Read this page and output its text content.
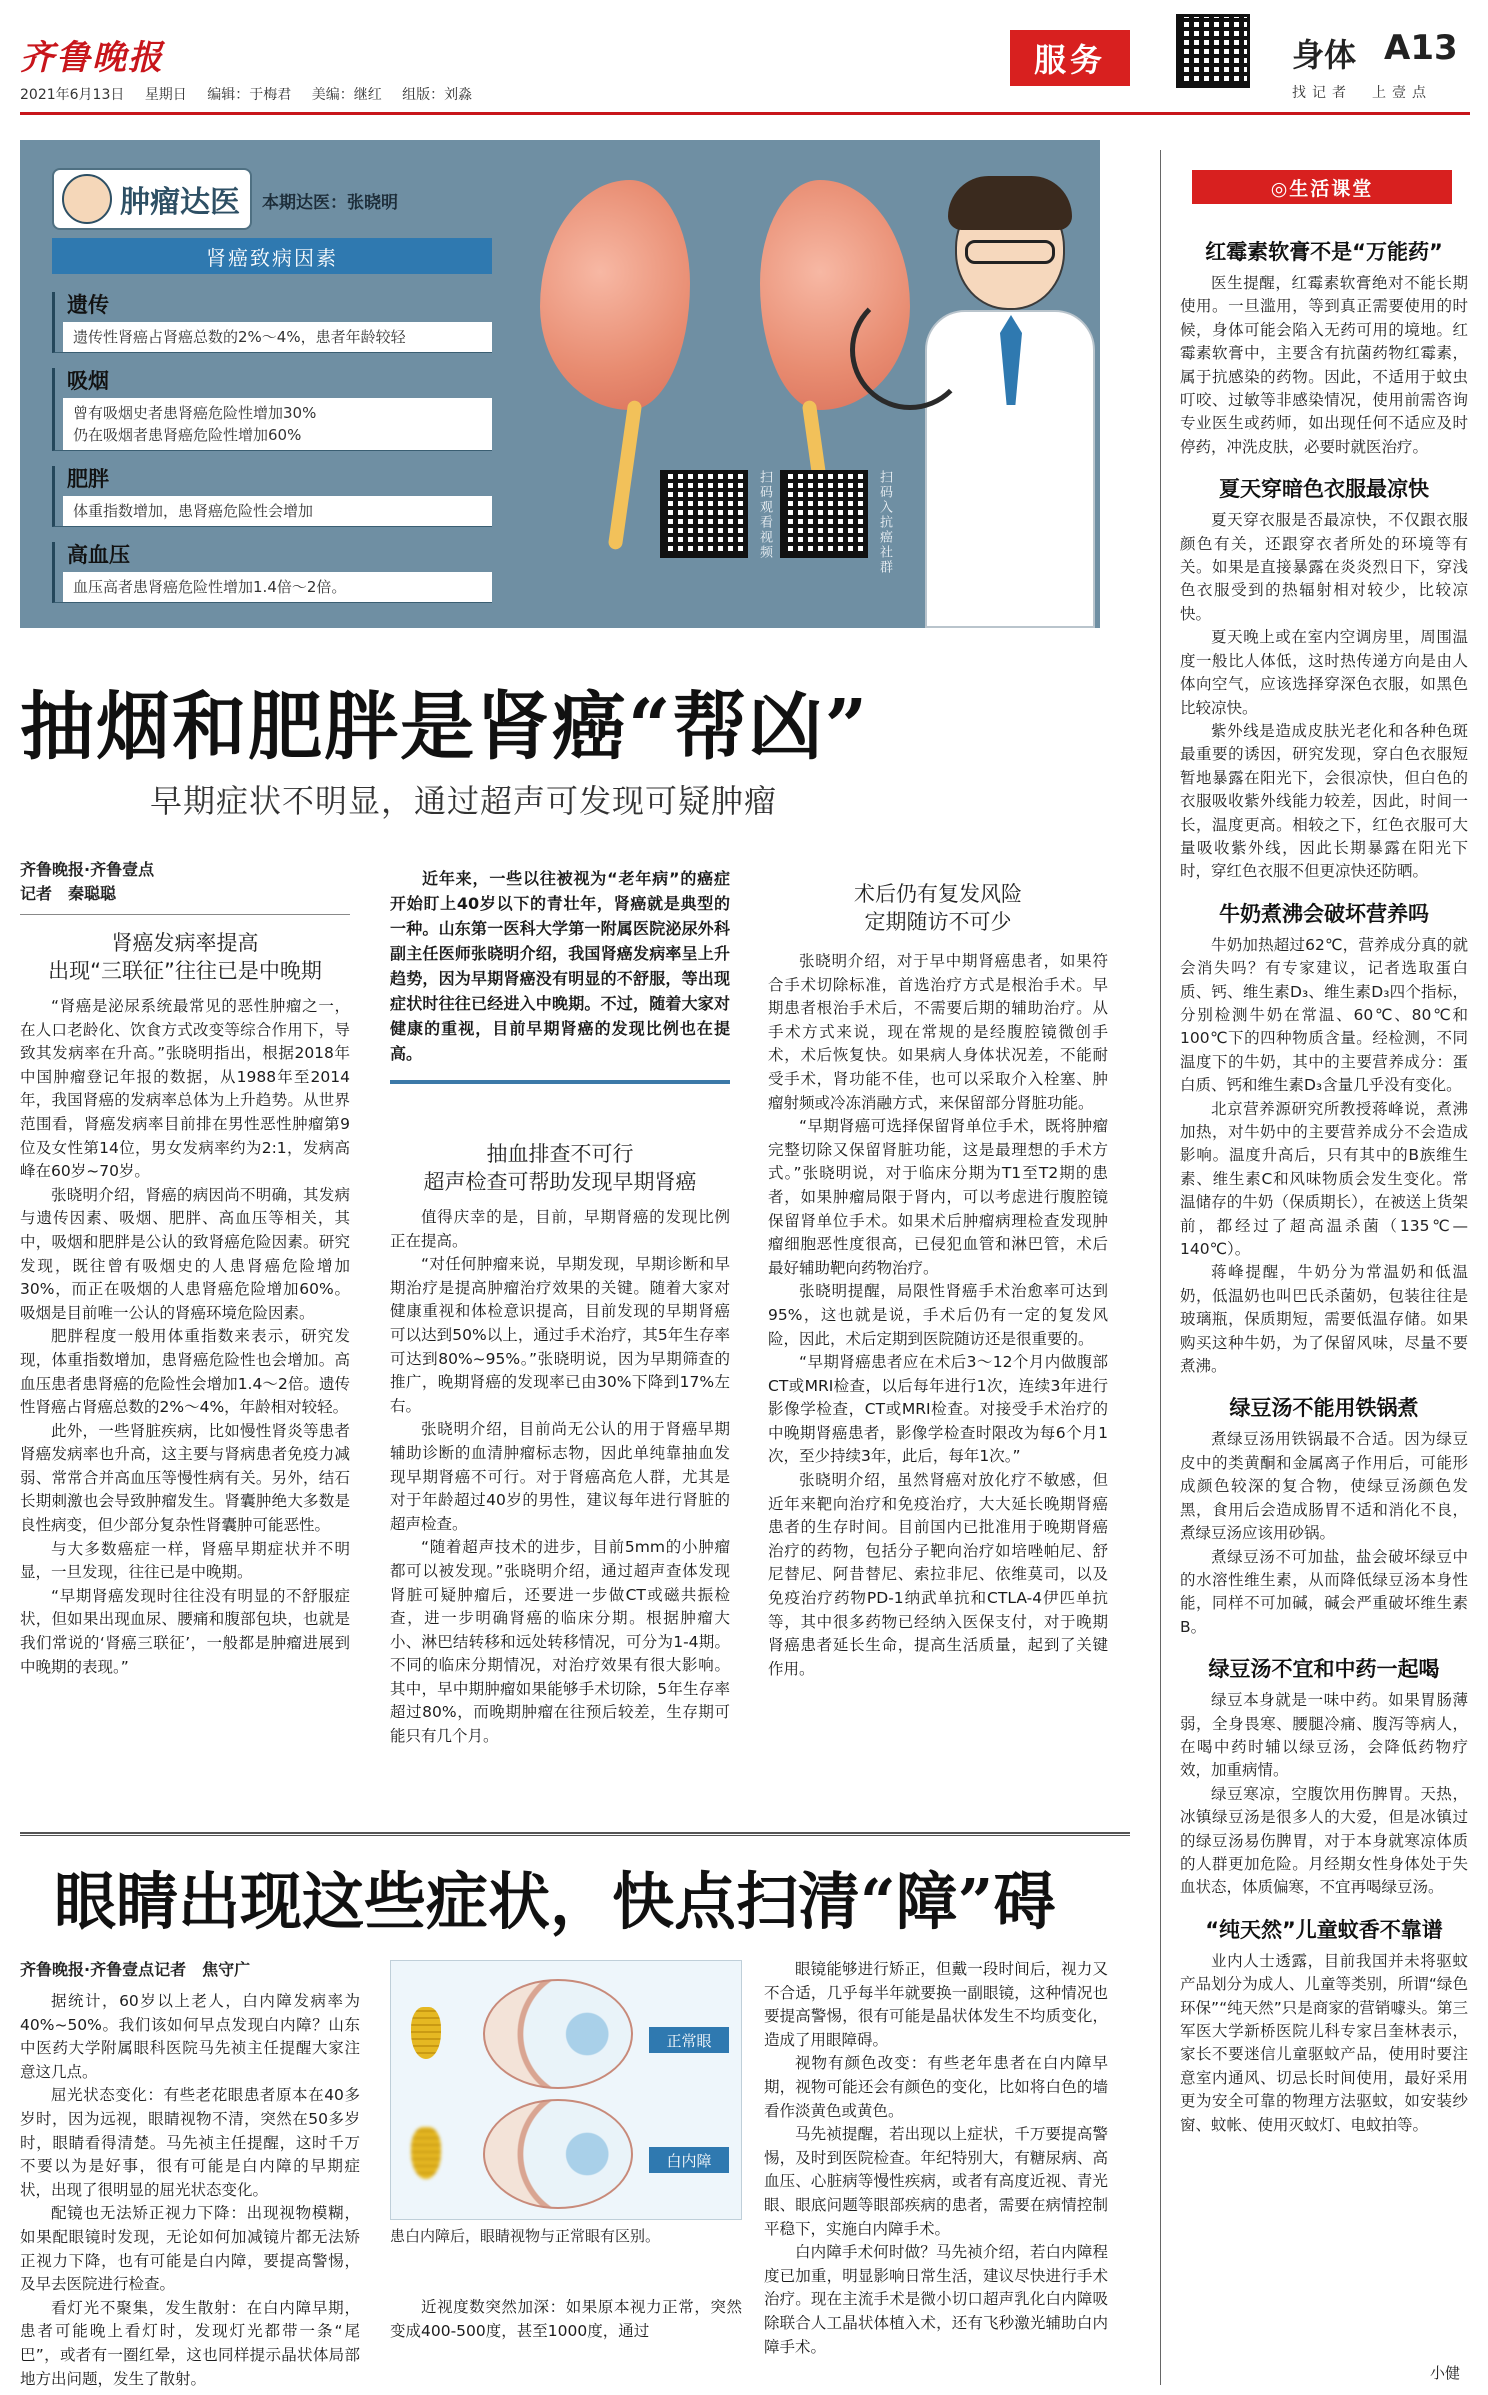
齐鲁晚报
2021年6月13日 星期日 编辑：于梅君 美编：继红 组版：刘淼
服务	身体 A13
找记者　上壹点
肿瘤达医 本期达医：张晓明
肾癌致病因素
遗传
遗传性肾癌占肾癌总数的2%～4%，患者年龄较轻
吸烟
曾有吸烟史者患肾癌危险性增加30%
仍在吸烟者患肾癌危险性增加60%
肥胖
体重指数增加，患肾癌危险性会增加
高血压
血压高者患肾癌危险性增加1.4倍～2倍。
扫码观看视频	扫码入抗癌社群
抽烟和肥胖是肾癌“帮凶”
早期症状不明显，通过超声可发现可疑肿瘤
齐鲁晚报·齐鲁壹点
记者　秦聪聪
肾癌发病率提高
出现“三联征”往往已是中晚期

“肾癌是泌尿系统最常见的恶性肿瘤之一，在人口老龄化、饮食方式改变等综合作用下，导致其发病率在升高。”张晓明指出，根据2018年中国肿瘤登记年报的数据，从1988年至2014年，我国肾癌的发病率总体为上升趋势。从世界范围看，肾癌发病率目前排在男性恶性肿瘤第9位及女性第14位，男女发病率约为2:1，发病高峰在60岁~70岁。

张晓明介绍，肾癌的病因尚不明确，其发病与遗传因素、吸烟、肥胖、高血压等相关，其中，吸烟和肥胖是公认的致肾癌危险因素。研究发现，既往曾有吸烟史的人患肾癌危险增加30%，而正在吸烟的人患肾癌危险增加60%。吸烟是目前唯一公认的肾癌环境危险因素。

肥胖程度一般用体重指数来表示，研究发现，体重指数增加，患肾癌危险性也会增加。高血压患者患肾癌的危险性会增加1.4～2倍。遗传性肾癌占肾癌总数的2%～4%，年龄相对较轻。

此外，一些肾脏疾病，比如慢性肾炎等患者肾癌发病率也升高，这主要与肾病患者免疫力减弱、常常合并高血压等慢性病有关。另外，结石长期刺激也会导致肿瘤发生。肾囊肿绝大多数是良性病变，但少部分复杂性肾囊肿可能恶性。

与大多数癌症一样，肾癌早期症状并不明显，一旦发现，往往已是中晚期。

“早期肾癌发现时往往没有明显的不舒服症状，但如果出现血尿、腰痛和腹部包块，也就是我们常说的‘肾癌三联征’，一般都是肿瘤进展到中晚期的表现。”

近年来，一些以往被视为“老年病”的癌症开始盯上40岁以下的青壮年，肾癌就是典型的一种。山东第一医科大学第一附属医院泌尿外科副主任医师张晓明介绍，我国肾癌发病率呈上升趋势，因为早期肾癌没有明显的不舒服，等出现症状时往往已经进入中晚期。不过，随着大家对健康的重视，目前早期肾癌的发现比例也在提高。

抽血排查不可行
超声检查可帮助发现早期肾癌

值得庆幸的是，目前，早期肾癌的发现比例正在提高。

“对任何肿瘤来说，早期发现，早期诊断和早期治疗是提高肿瘤治疗效果的关键。随着大家对健康重视和体检意识提高，目前发现的早期肾癌可以达到50%以上，通过手术治疗，其5年生存率可达到80%~95%。”张晓明说，因为早期筛查的推广，晚期肾癌的发现率已由30%下降到17%左右。

张晓明介绍，目前尚无公认的用于肾癌早期辅助诊断的血清肿瘤标志物，因此单纯靠抽血发现早期肾癌不可行。对于肾癌高危人群，尤其是对于年龄超过40岁的男性，建议每年进行肾脏的超声检查。

“随着超声技术的进步，目前5mm的小肿瘤都可以被发现。”张晓明介绍，通过超声查体发现肾脏可疑肿瘤后，还要进一步做CT或磁共振检查，进一步明确肾癌的临床分期。根据肿瘤大小、淋巴结转移和远处转移情况，可分为1-4期。不同的临床分期情况，对治疗效果有很大影响。其中，早中期肿瘤如果能够手术切除，5年生存率超过80%，而晚期肿瘤在往预后较差，生存期可能只有几个月。

术后仍有复发风险
定期随访不可少

张晓明介绍，对于早中期肾癌患者，如果符合手术切除标准，首选治疗方式是根治手术。早期患者根治手术后，不需要后期的辅助治疗。从手术方式来说，现在常规的是经腹腔镜微创手术，术后恢复快。如果病人身体状况差，不能耐受手术，肾功能不佳，也可以采取介入栓塞、肿瘤射频或冷冻消融方式，来保留部分肾脏功能。

“早期肾癌可选择保留肾单位手术，既将肿瘤完整切除又保留肾脏功能，这是最理想的手术方式。”张晓明说，对于临床分期为T1至T2期的患者，如果肿瘤局限于肾内，可以考虑进行腹腔镜保留肾单位手术。如果术后肿瘤病理检查发现肿瘤细胞恶性度很高，已侵犯血管和淋巴管，术后最好辅助靶向药物治疗。

张晓明提醒，局限性肾癌手术治愈率可达到95%，这也就是说，手术后仍有一定的复发风险，因此，术后定期到医院随访还是很重要的。

“早期肾癌患者应在术后3～12个月内做腹部CT或MRI检查，以后每年进行1次，连续3年进行影像学检查，CT或MRI检查。对接受手术治疗的中晚期肾癌患者，影像学检查时限改为每6个月1次，至少持续3年，此后，每年1次。”

张晓明介绍，虽然肾癌对放化疗不敏感，但近年来靶向治疗和免疫治疗，大大延长晚期肾癌患者的生存时间。目前国内已批准用于晚期肾癌治疗的药物，包括分子靶向治疗如培唑帕尼、舒尼替尼、阿昔替尼、索拉非尼、依维莫司，以及免疫治疗药物PD-1纳武单抗和CTLA-4伊匹单抗等，其中很多药物已经纳入医保支付，对于晚期肾癌患者延长生命，提高生活质量，起到了关键作用。

眼睛出现这些症状，快点扫清“障”碍
齐鲁晚报·齐鲁壹点记者　焦守广

据统计，60岁以上老人，白内障发病率为40%~50%。我们该如何早点发现白内障？山东中医药大学附属眼科医院马先祯主任提醒大家注意这几点。

屈光状态变化：有些老花眼患者原本在40多岁时，因为远视，眼睛视物不清，突然在50多岁时，眼睛看得清楚。马先祯主任提醒，这时千万不要以为是好事，很有可能是白内障的早期症状，出现了很明显的屈光状态变化。

配镜也无法矫正视力下降：出现视物模糊，如果配眼镜时发现，无论如何加减镜片都无法矫正视力下降，也有可能是白内障，要提高警惕，及早去医院进行检查。

看灯光不聚集，发生散射：在白内障早期，患者可能晚上看灯时，发现灯光都带一条“尾巴”，或者有一圈红晕，这也同样提示晶状体局部地方出问题，发生了散射。

正常眼
白内障
患白内障后，眼睛视物与正常眼有区别。

近视度数突然加深：如果原本视力正常，突然变成400-500度，甚至1000度，通过

眼镜能够进行矫正，但戴一段时间后，视力又不合适，几乎每半年就要换一副眼镜，这种情况也要提高警惕，很有可能是晶状体发生不均质变化，造成了用眼障碍。

视物有颜色改变：有些老年患者在白内障早期，视物可能还会有颜色的变化，比如将白色的墙看作淡黄色或黄色。

马先祯提醒，若出现以上症状，千万要提高警惕，及时到医院检查。年纪特别大，有糖尿病、高血压、心脏病等慢性疾病，或者有高度近视、青光眼、眼底问题等眼部疾病的患者，需要在病情控制平稳下，实施白内障手术。

白内障手术何时做？马先祯介绍，若白内障程度已加重，明显影响日常生活，建议尽快进行手术治疗。现在主流手术是微小切口超声乳化白内障吸除联合人工晶状体植入术，还有飞秒激光辅助白内障手术。

◎生活课堂
红霉素软膏不是“万能药”

医生提醒，红霉素软膏绝对不能长期使用。一旦滥用，等到真正需要使用的时候，身体可能会陷入无药可用的境地。红霉素软膏中，主要含有抗菌药物红霉素，属于抗感染的药物。因此，不适用于蚊虫叮咬、过敏等非感染情况，使用前需咨询专业医生或药师，如出现任何不适应及时停药，冲洗皮肤，必要时就医治疗。

夏天穿暗色衣服最凉快

夏天穿衣服是否最凉快，不仅跟衣服颜色有关，还跟穿衣者所处的环境等有关。如果是直接暴露在炎炎烈日下，穿浅色衣服受到的热辐射相对较少，比较凉快。

夏天晚上或在室内空调房里，周围温度一般比人体低，这时热传递方向是由人体向空气，应该选择穿深色衣服，如黑色比较凉快。

紫外线是造成皮肤光老化和各种色斑最重要的诱因，研究发现，穿白色衣服短暂地暴露在阳光下，会很凉快，但白色的衣服吸收紫外线能力较差，因此，时间一长，温度更高。相较之下，红色衣服可大量吸收紫外线，因此长期暴露在阳光下时，穿红色衣服不但更凉快还防晒。

牛奶煮沸会破坏营养吗

牛奶加热超过62℃，营养成分真的就会消失吗？有专家建议，记者选取蛋白质、钙、维生素D₃、维生素D₃四个指标，分别检测牛奶在常温、60℃、80℃和100℃下的四种物质含量。经检测，不同温度下的牛奶，其中的主要营养成分：蛋白质、钙和维生素D₃含量几乎没有变化。

北京营养源研究所教授蒋峰说，煮沸加热，对牛奶中的主要营养成分不会造成影响。温度升高后，只有其中的B族维生素、维生素C和风味物质会发生变化。常温储存的牛奶（保质期长），在被送上货架前，都经过了超高温杀菌（135℃—140℃）。

蒋峰提醒，牛奶分为常温奶和低温奶，低温奶也叫巴氏杀菌奶，包装往往是玻璃瓶，保质期短，需要低温存储。如果购买这种牛奶，为了保留风味，尽量不要煮沸。

绿豆汤不能用铁锅煮

煮绿豆汤用铁锅最不合适。因为绿豆皮中的类黄酮和金属离子作用后，可能形成颜色较深的复合物，使绿豆汤颜色发黑，食用后会造成肠胃不适和消化不良，煮绿豆汤应该用砂锅。

煮绿豆汤不可加盐，盐会破坏绿豆中的水溶性维生素，从而降低绿豆汤本身性能，同样不可加碱，碱会严重破坏维生素B。

绿豆汤不宜和中药一起喝

绿豆本身就是一味中药。如果胃肠薄弱，全身畏寒、腰腿冷痛、腹泻等病人，在喝中药时辅以绿豆汤，会降低药物疗效，加重病情。

绿豆寒凉，空腹饮用伤脾胃。天热，冰镇绿豆汤是很多人的大爱，但是冰镇过的绿豆汤易伤脾胃，对于本身就寒凉体质的人群更加危险。月经期女性身体处于失血状态，体质偏寒，不宜再喝绿豆汤。

“纯天然”儿童蚊香不靠谱

业内人士透露，目前我国并未将驱蚊产品划分为成人、儿童等类别，所谓“绿色环保”“纯天然”只是商家的营销噱头。第三军医大学新桥医院儿科专家吕奎林表示，家长不要迷信儿童驱蚊产品，使用时要注意室内通风、切忌长时间使用，最好采用更为安全可靠的物理方法驱蚊，如安装纱窗、蚊帐、使用灭蚊灯、电蚊拍等。

小健
